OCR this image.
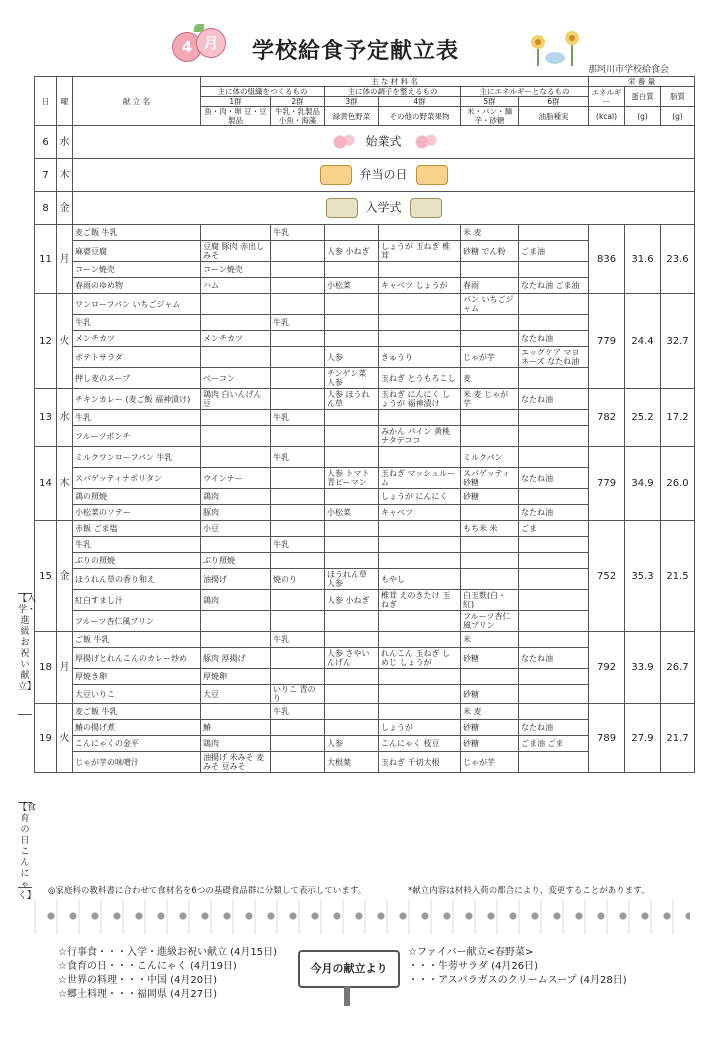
4 月	学校給食予定献立表
那珂川市学校給食会
日	曜	献 立 名	主 な 材 料 名						栄 養 量		
			主に体の組織をつくるもの		主に体の調子を整えるもの		主にエネルギーとなるもの		エネルギー	蛋白質	脂質
			1群	2群	3群	4群	5群	6群			
			魚・肉・卵 豆・豆製品	牛乳・乳製品 小魚・海藻	緑黄色野菜	その他の野菜果物	米・パン・麺 芋・砂糖	油脂種実	(kcal)	(g)	(g)
6	水	始業式									
7	木	弁当の日									
8	金	入学式									
11	月	麦ご飯 牛乳		牛乳			米 麦		836	31.6	23.6
		麻婆豆腐	豆腐 豚肉 赤出しみそ		人参 小ねぎ	しょうが 玉ねぎ 椎茸	砂糖 でん粉	ごま油			
		コーン焼売	コーン焼売								
		春雨のゆめ物	ハム		小松菜	キャベツ しょうが	春雨	なたね油 ごま油			
12	火	ワンローフパン いちごジャム					パン いちごジャム		779	24.4	32.7
		牛乳		牛乳							
		メンチカツ	メンチカツ					なたね油			
		ポテトサラダ			人参	きゅうり	じゃが芋	エッグケア マヨネーズ なたね油			
		押し麦のスープ	ベーコン		チンゲン菜 人参	玉ねぎ とうもろこし	麦				
13	水	チキンカレー (麦ご飯 福神漬け)	鶏肉 白いんげん豆		人参 ほうれん草	玉ねぎ にんにく しょうが 福神漬け	米 麦 じゃが芋	なたね油	782	25.2	17.2
		牛乳		牛乳							
		フルーツポンチ				みかん パイン 黄桃 ナタデココ					
14	木	ミルクワンローフパン 牛乳		牛乳			ミルクパン		779	34.9	26.0
		スパゲッティナポリタン	ウインナー		人参 トマト 青ピーマン	玉ねぎ マッシュルーム	スパゲッティ 砂糖	なたね油			
		鶏の照焼	鶏肉			しょうが にんにく	砂糖				
		小松菜のソテー	豚肉		小松菜	キャベツ		なたね油			
15	金	赤飯 ごま塩	小豆				もち米 米	ごま	752	35.3	21.5
		牛乳		牛乳							
		ぶりの照焼	ぶり照焼								
		ほうれん草の香り和え	油揚げ	焼のり	ほうれん草 人参	もやし					
		紅白すまし汁	鶏肉		人参 小ねぎ	椎茸 えのきたけ 玉ねぎ	白玉麩(白・紅)				
		フルーツ杏仁風プリン					フルーツ杏仁風プリン				
18	月	ご飯 牛乳		牛乳			米		792	33.9	26.7
		厚揚げとれんこんのカレー炒め	豚肉 厚揚げ		人参 さやいんげん	れんこん 玉ねぎ しめじ しょうが	砂糖	なたね油			
		厚焼き卵	厚焼卵								
		大豆いりこ	大豆	いりこ 青のり			砂糖				
19	火	麦ご飯 牛乳		牛乳			米 麦		789	27.9	21.7
		鰆の揚げ煮	鰆			しょうが	砂糖	なたね油			
		こんにゃくの金平	鶏肉		人参	こんにゃく 枝豆	砂糖	ごま油 ごま			
		じゃが芋の味噌汁	油揚げ 米みそ 麦みそ 豆みそ		大根葉	玉ねぎ 千切大根	じゃが芋				
【入学・進級お祝い献立】
【食育の日 こんにゃく】 ◎家庭科の教科書に合わせて食材名を6つの基礎食品群に分類して表示しています。	*献立内容は材料入荷の都合により、変更することがあります。
☆行事食・・・入学・進級お祝い献立 (4月15日)
☆食育の日・・・こんにゃく (4月19日)
☆世界の料理・・・中国 (4月20日)
☆郷土料理・・・福岡県 (4月27日)
今月の献立より
☆ファイバー献立<春野菜>
・・・牛蒡サラダ (4月26日)
・・・アスパラガスのクリームスープ (4月28日)
